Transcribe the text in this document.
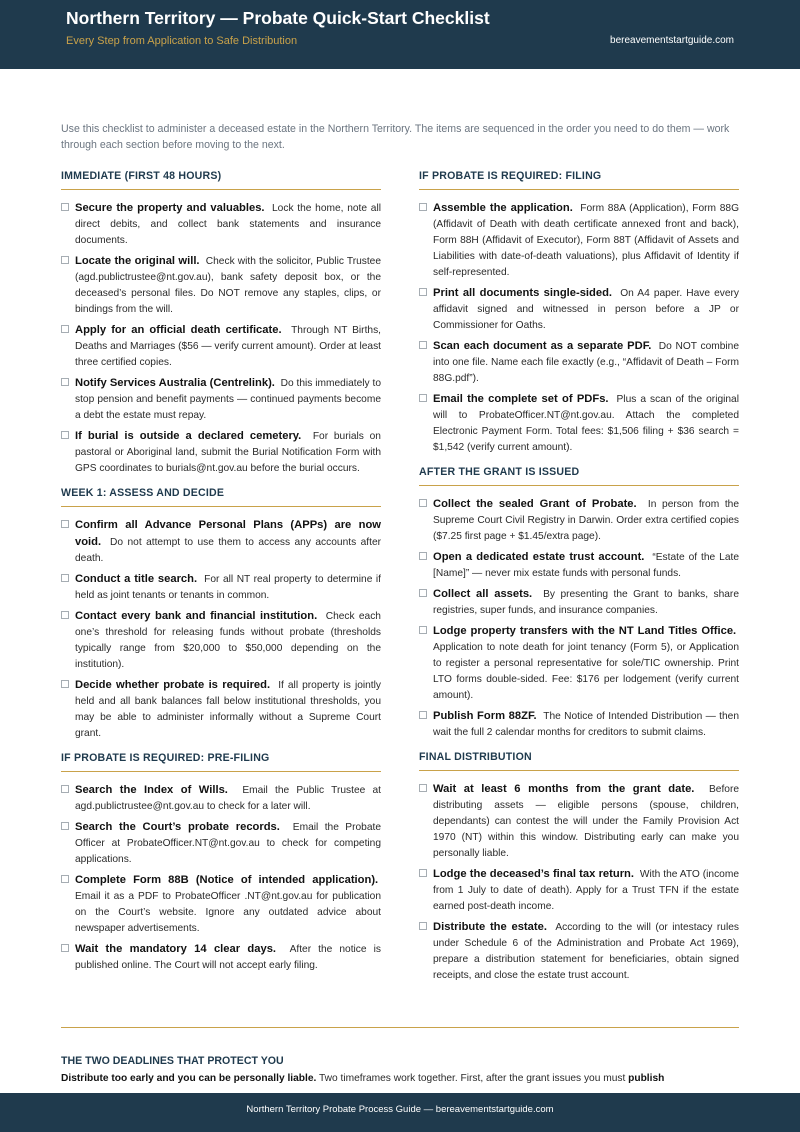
Northern Territory — Probate Quick-Start Checklist
Every Step from Application to Safe Distribution	bereavementstartguide.com
Use this checklist to administer a deceased estate in the Northern Territory. The items are sequenced in the order you need to do them — work through each section before moving to the next.
IMMEDIATE (FIRST 48 HOURS)
Secure the property and valuables. Lock the home, note all direct debits, and collect bank statements and insurance documents.
Locate the original will. Check with the solicitor, Public Trustee (agd.publictrustee@nt.gov.au), bank safety deposit box, or the deceased’s personal files. Do NOT remove any staples, clips, or bindings from the will.
Apply for an official death certificate. Through NT Births, Deaths and Marriages ($56 — verify current amount). Order at least three certified copies.
Notify Services Australia (Centrelink). Do this immediately to stop pension and benefit payments — continued payments become a debt the estate must repay.
If burial is outside a declared cemetery. For burials on pastoral or Aboriginal land, submit the Burial Notification Form with GPS coordinates to burials@nt.gov.au before the burial occurs.
WEEK 1: ASSESS AND DECIDE
Confirm all Advance Personal Plans (APPs) are now void. Do not attempt to use them to access any accounts after death.
Conduct a title search. For all NT real property to determine if held as joint tenants or tenants in common.
Contact every bank and financial institution. Check each one’s threshold for releasing funds without probate (thresholds typically range from $20,000 to $50,000 depending on the institution).
Decide whether probate is required. If all property is jointly held and all bank balances fall below institutional thresholds, you may be able to administer informally without a Supreme Court grant.
IF PROBATE IS REQUIRED: PRE-FILING
Search the Index of Wills. Email the Public Trustee at agd.publictrustee@nt.gov.au to check for a later will.
Search the Court’s probate records. Email the Probate Officer at ProbateOfficer.NT@nt.gov.au to check for competing applications.
Complete Form 88B (Notice of intended application).  Email it as a PDF to ProbateOfficer .NT@nt.gov.au for publication on the Court’s website. Ignore any outdated advice about newspaper advertisements.
Wait the mandatory 14 clear days. After the notice is published online. The Court will not accept early filing.
IF PROBATE IS REQUIRED: FILING
Assemble the application. Form 88A (Application), Form 88G (Affidavit of Death with death certificate annexed front and back), Form 88H (Affidavit of Executor), Form 88T (Affidavit of Assets and Liabilities with date-of-death valuations), plus Affidavit of Identity if self-represented.
Print all documents single-sided. On A4 paper. Have every affidavit signed and witnessed in person before a JP or Commissioner for Oaths.
Scan each document as a separate PDF. Do NOT combine into one file. Name each file exactly (e.g., “Affidavit of Death – Form 88G.pdf”).
Email the complete set of PDFs. Plus a scan of the original will to ProbateOfficer.NT@nt.gov.au. Attach the completed Electronic Payment Form. Total fees: $1,506 filing + $36 search = $1,542 (verify current amount).
AFTER THE GRANT IS ISSUED
Collect the sealed Grant of Probate. In person from the Supreme Court Civil Registry in Darwin. Order extra certified copies ($7.25 first page + $1.45/extra page).
Open a dedicated estate trust account. “Estate of the Late [Name]” — never mix estate funds with personal funds.
Collect all assets. By presenting the Grant to banks, share registries, super funds, and insurance companies.
Lodge property transfers with the NT Land Titles Office.  Application to note death for joint tenancy (Form 5), or Application to register a personal representative for sole/TIC ownership. Print LTO forms double-sided. Fee: $176 per lodgement (verify current amount).
Publish Form 88ZF. The Notice of Intended Distribution — then wait the full 2 calendar months for creditors to submit claims.
FINAL DISTRIBUTION
Wait at least 6 months from the grant date. Before distributing assets — eligible persons (spouse, children, dependants) can contest the will under the Family Provision Act 1970 (NT) within this window. Distributing early can make you personally liable.
Lodge the deceased’s final tax return. With the ATO (income from 1 July to date of death). Apply for a Trust TFN if the estate earned post-death income.
Distribute the estate. According to the will (or intestacy rules under Schedule 6 of the Administration and Probate Act 1969), prepare a distribution statement for beneficiaries, obtain signed receipts, and close the estate trust account.
THE TWO DEADLINES THAT PROTECT YOU
Distribute too early and you can be personally liable. Two timeframes work together. First, after the grant issues you must publish
Northern Territory Probate Process Guide — bereavementstartguide.com
